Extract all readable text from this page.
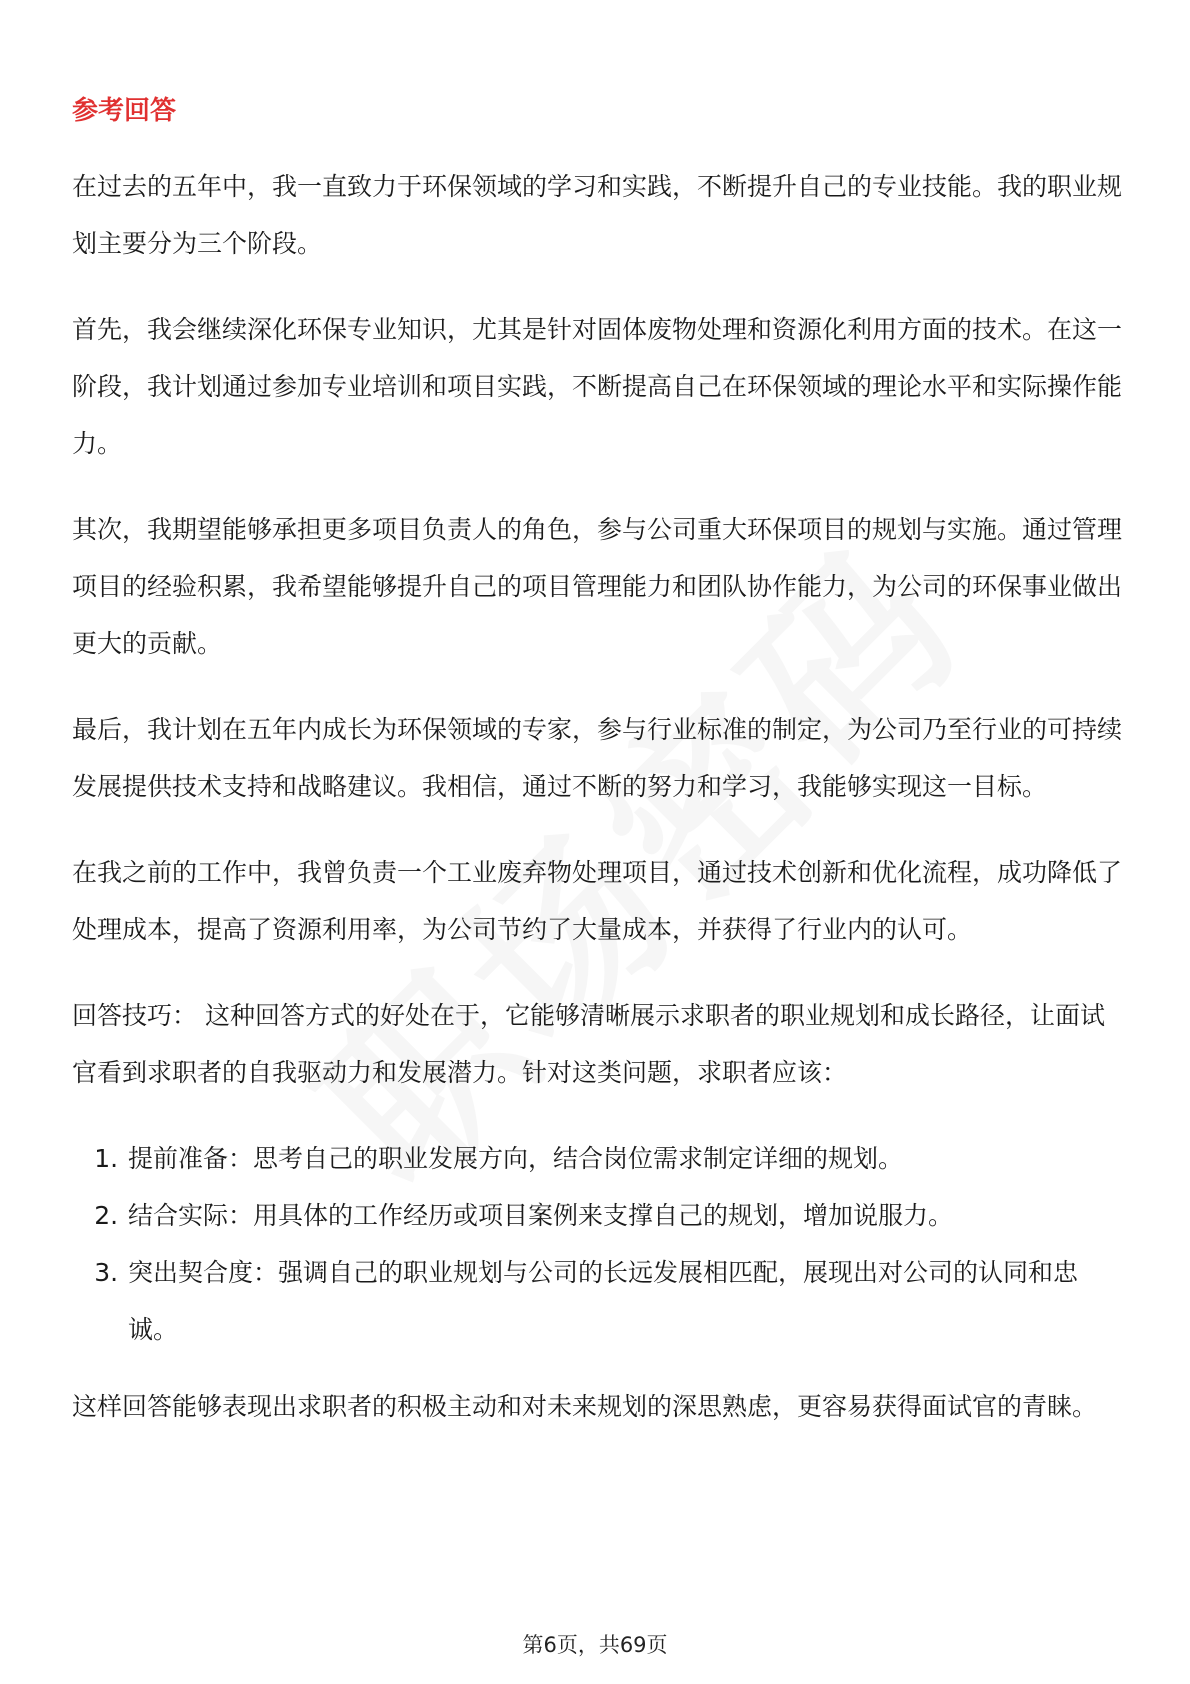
参考回答

在过去的五年中，我一直致力于环保领域的学习和实践，不断提升自己的专业技能。我的职业规划主要分为三个阶段。

首先，我会继续深化环保专业知识，尤其是针对固体废物处理和资源化利用方面的技术。在这一阶段，我计划通过参加专业培训和项目实践，不断提高自己在环保领域的理论水平和实际操作能力。

其次，我期望能够承担更多项目负责人的角色，参与公司重大环保项目的规划与实施。通过管理项目的经验积累，我希望能够提升自己的项目管理能力和团队协作能力，为公司的环保事业做出更大的贡献。

最后，我计划在五年内成长为环保领域的专家，参与行业标准的制定，为公司乃至行业的可持续发展提供技术支持和战略建议。我相信，通过不断的努力和学习，我能够实现这一目标。

在我之前的工作中，我曾负责一个工业废弃物处理项目，通过技术创新和优化流程，成功降低了处理成本，提高了资源利用率，为公司节约了大量成本，并获得了行业内的认可。

回答技巧： 这种回答方式的好处在于，它能够清晰展示求职者的职业规划和成长路径，让面试官看到求职者的自我驱动力和发展潜力。针对这类问题，求职者应该：

1. 提前准备：思考自己的职业发展方向，结合岗位需求制定详细的规划。
2. 结合实际：用具体的工作经历或项目案例来支撑自己的规划，增加说服力。
3. 突出契合度：强调自己的职业规划与公司的长远发展相匹配，展现出对公司的认同和忠诚。

这样回答能够表现出求职者的积极主动和对未来规划的深思熟虑，更容易获得面试官的青睐。

第6页，共69页
